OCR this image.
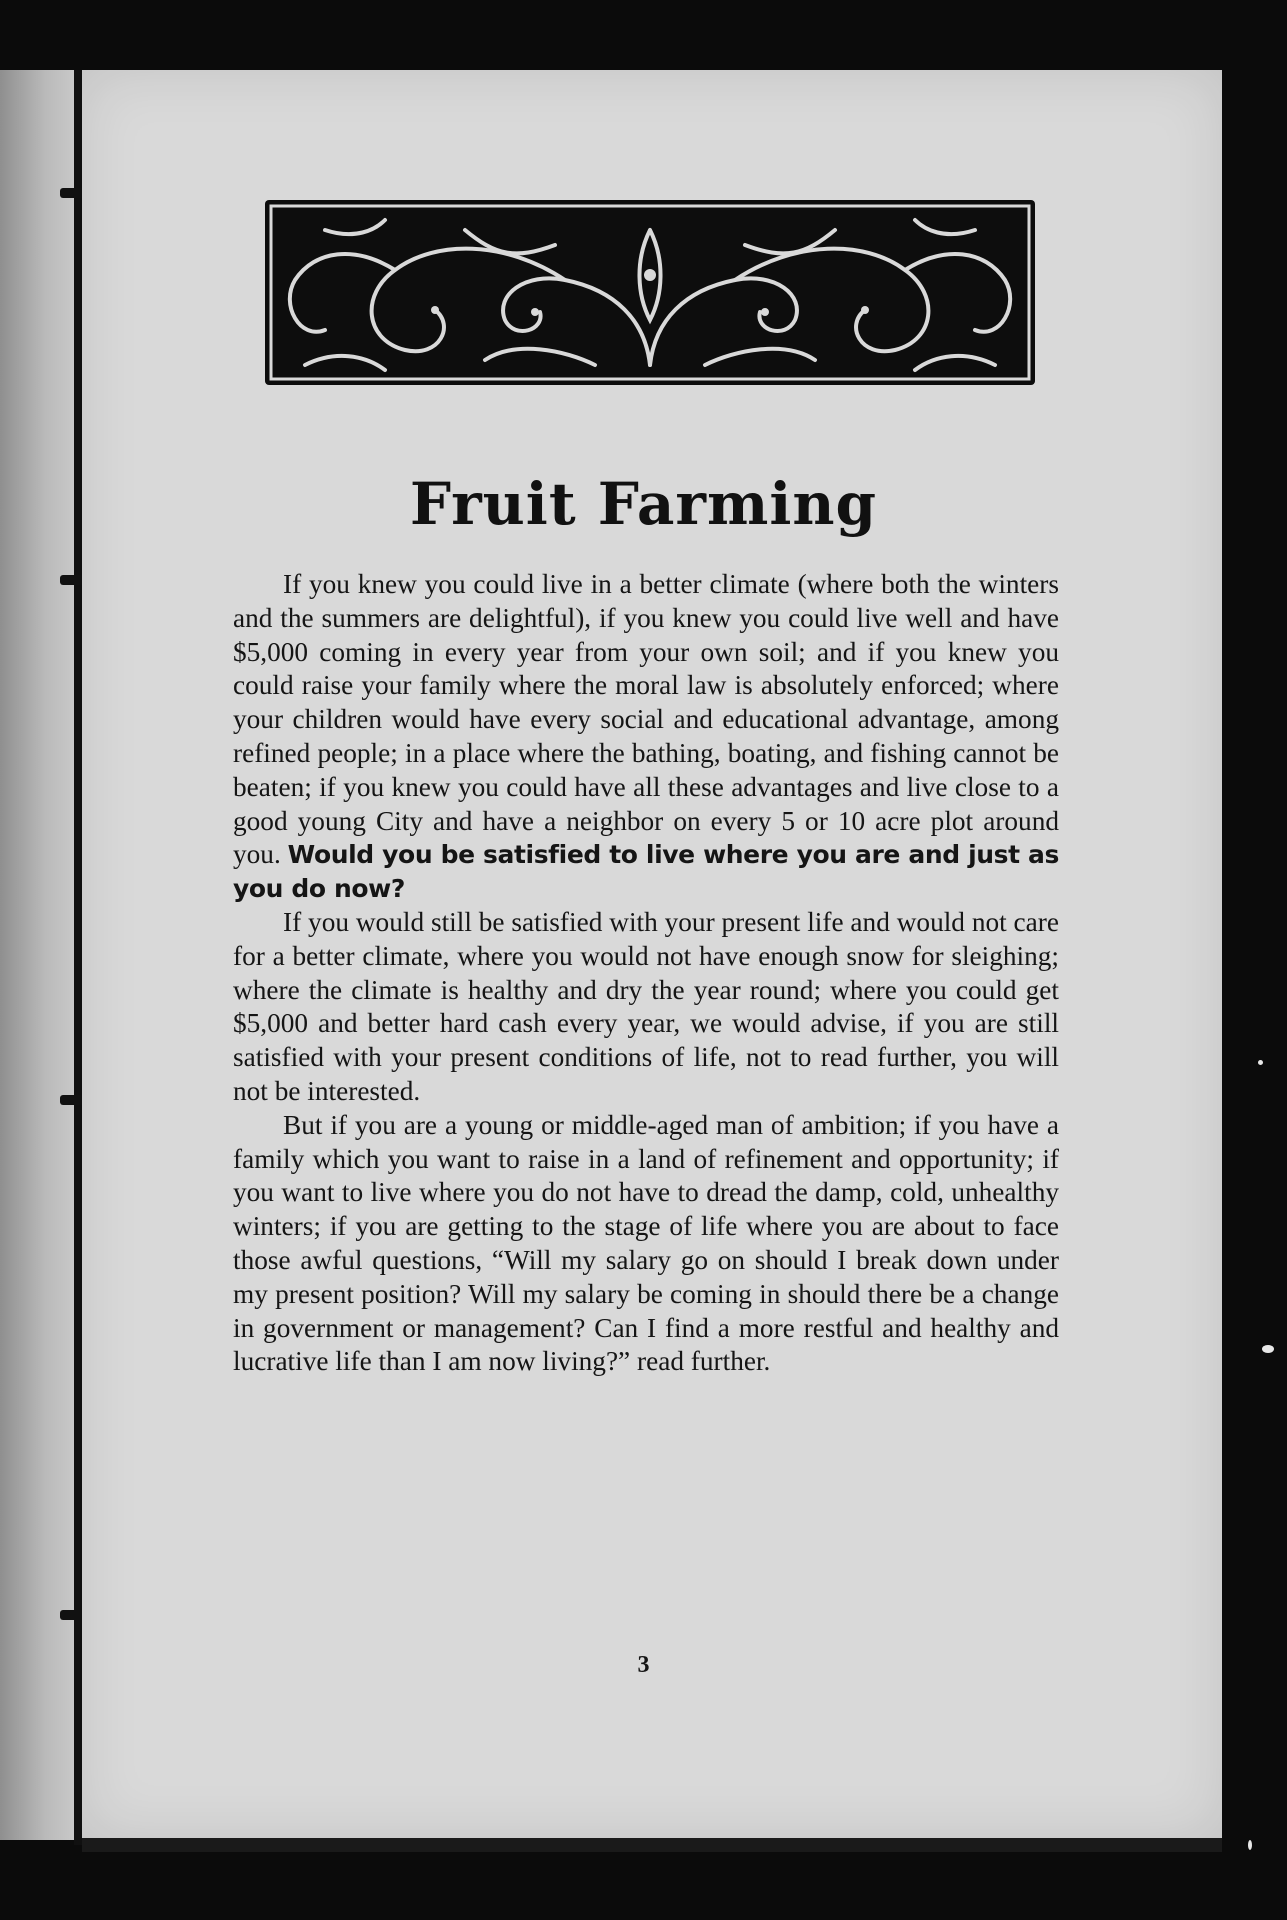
Fruit Farming

If you knew you could live in a better climate (where both the winters and the summers are delightful), if you knew you could live well and have $5,000 coming in every year from your own soil; and if you knew you could raise your family where the moral law is absolutely enforced; where your children would have every social and educational advantage, among refined people; in a place where the bathing, boating, and fishing cannot be beaten; if you knew you could have all these advantages and live close to a good young City and have a neighbor on every 5 or 10 acre plot around you. Would you be satisfied to live where you are and just as you do now?

If you would still be satisfied with your present life and would not care for a better climate, where you would not have enough snow for sleighing; where the climate is healthy and dry the year round; where you could get $5,000 and better hard cash every year, we would advise, if you are still satisfied with your present conditions of life, not to read further, you will not be interested.

But if you are a young or middle-aged man of ambition; if you have a family which you want to raise in a land of refinement and opportunity; if you want to live where you do not have to dread the damp, cold, unhealthy winters; if you are getting to the stage of life where you are about to face those awful questions, “Will my salary go on should I break down under my present position? Will my salary be coming in should there be a change in government or management? Can I find a more restful and healthy and lucrative life than I am now living?” read further.

3
